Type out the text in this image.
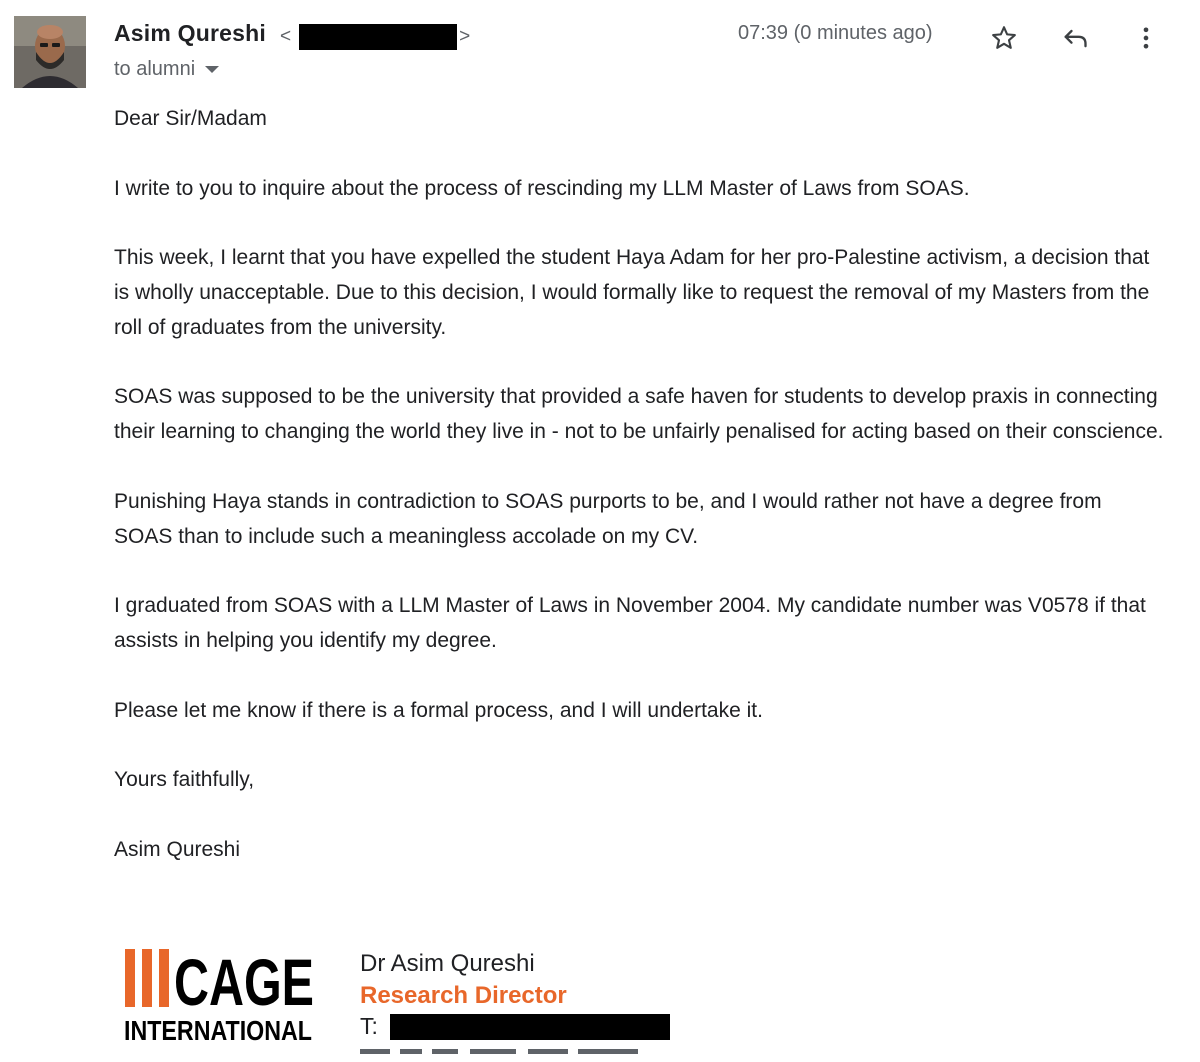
Asim Qureshi <	>
to alumni
07:39 (0 minutes ago)

Dear Sir/Madam

I write to you to inquire about the process of rescinding my LLM Master of Laws from SOAS.

This week, I learnt that you have expelled the student Haya Adam for her pro-Palestine activism, a decision that is wholly unacceptable. Due to this decision, I would formally like to request the removal of my Masters from the roll of graduates from the university.

SOAS was supposed to be the university that provided a safe haven for students to develop praxis in connecting their learning to changing the world they live in - not to be unfairly penalised for acting based on their conscience.

Punishing Haya stands in contradiction to SOAS purports to be, and I would rather not have a degree from SOAS than to include such a meaningless accolade on my CV.

I graduated from SOAS with a LLM Master of Laws in November 2004. My candidate number was V0578 if that assists in helping you identify my degree.

Please let me know if there is a formal process, and I will undertake it.

Yours faithfully,

Asim Qureshi

CAGE
INTERNATIONAL
Dr Asim Qureshi
Research Director
T:
